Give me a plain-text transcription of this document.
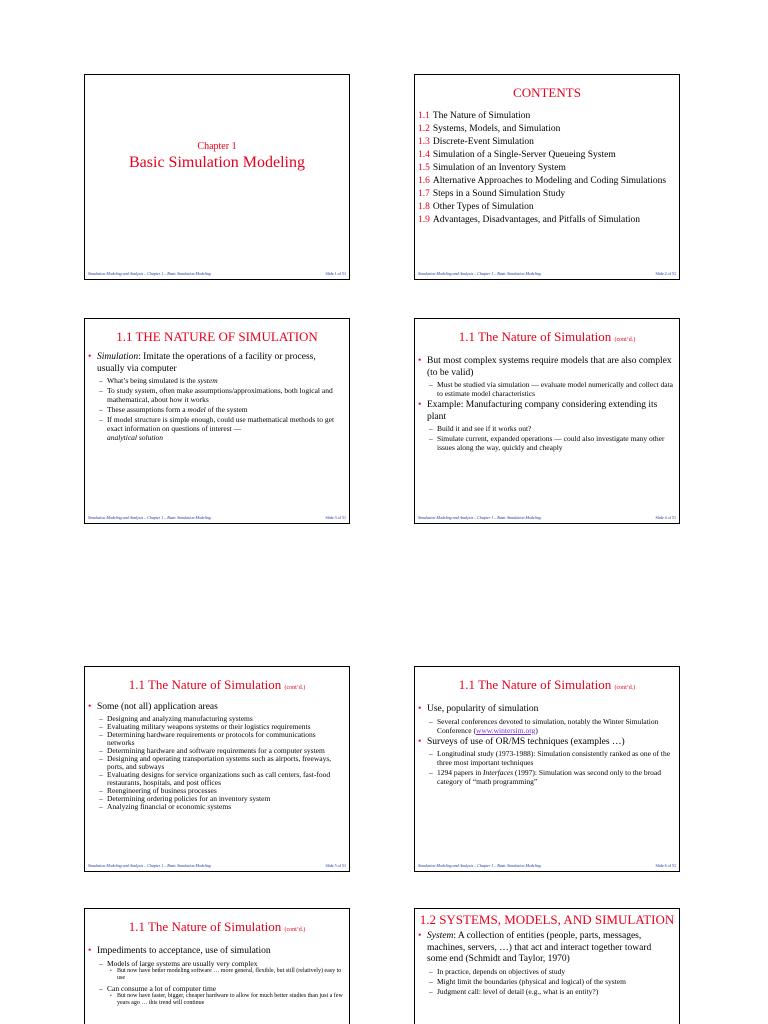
Chapter 1
Basic Simulation Modeling
Simulation Modeling and Analysis – Chapter 1 – Basic Simulation Modeling	Slide 1 of 51
CONTENTS
1.1 The Nature of Simulation
1.2 Systems, Models, and Simulation
1.3 Discrete-Event Simulation
1.4 Simulation of a Single-Server Queueing System
1.5 Simulation of an Inventory System
1.6 Alternative Approaches to Modeling and Coding Simulations
1.7 Steps in a Sound Simulation Study
1.8 Other Types of Simulation
1.9 Advantages, Disadvantages, and Pitfalls of Simulation
Simulation Modeling and Analysis – Chapter 1 – Basic Simulation Modeling	Slide 2 of 51
1.1 THE NATURE OF SIMULATION
• Simulation: Imitate the operations of a facility or process, usually via computer
– What’s being simulated is the system
– To study system, often make assumptions/approximations, both logical and mathematical, about how it works
– These assumptions form a model of the system
– If model structure is simple enough, could use mathematical methods to get exact information on questions of interest —
analytical solution
Simulation Modeling and Analysis – Chapter 1 – Basic Simulation Modeling	Slide 3 of 51
1.1 The Nature of Simulation (cont’d.)
• But most complex systems require models that are also complex (to be valid)
– Must be studied via simulation — evaluate model numerically and collect data to estimate model characteristics
• Example: Manufacturing company considering extending its plant
– Build it and see if it works out?
– Simulate current, expanded operations — could also investigate many other issues along the way, quickly and cheaply
Simulation Modeling and Analysis – Chapter 1 – Basic Simulation Modeling	Slide 4 of 51
1.1 The Nature of Simulation (cont’d.)
• Some (not all) application areas
– Designing and analyzing manufacturing systems
– Evaluating military weapons systems or their logistics requirements
– Determining hardware requirements or protocols for communications networks
– Determining hardware and software requirements for a computer system
– Designing and operating transportation systems such as airports, freeways, ports, and subways
– Evaluating designs for service organizations such as call centers, fast-food restaurants, hospitals, and post offices
– Reengineering of business processes
– Determining ordering policies for an inventory system
– Analyzing financial or economic systems
Simulation Modeling and Analysis – Chapter 1 – Basic Simulation Modeling	Slide 5 of 51
1.1 The Nature of Simulation (cont’d.)
• Use, popularity of simulation
– Several conferences devoted to simulation, notably the Winter Simulation Conference (www.wintersim.org)
• Surveys of use of OR/MS techniques (examples …)
– Longitudinal study (1973-1988): Simulation consistently ranked as one of the three most important techniques
– 1294 papers in Interfaces (1997): Simulation was second only to the broad category of “math programming”
Simulation Modeling and Analysis – Chapter 1 – Basic Simulation Modeling	Slide 6 of 51
1.1 The Nature of Simulation (cont’d.)
• Impediments to acceptance, use of simulation
– Models of large systems are usually very complex
• But now have better modeling software … more general, flexible, but still (relatively) easy to use
– Can consume a lot of computer time
• But now have faster, bigger, cheaper hardware to allow for much better studies than just a few years ago … this trend will continue
1.2 SYSTEMS, MODELS, AND SIMULATION
• System: A collection of entities (people, parts, messages, machines, servers, …) that act and interact together toward some end (Schmidt and Taylor, 1970)
– In practice, depends on objectives of study
– Might limit the boundaries (physical and logical) of the system
– Judgment call: level of detail (e.g., what is an entity?)
